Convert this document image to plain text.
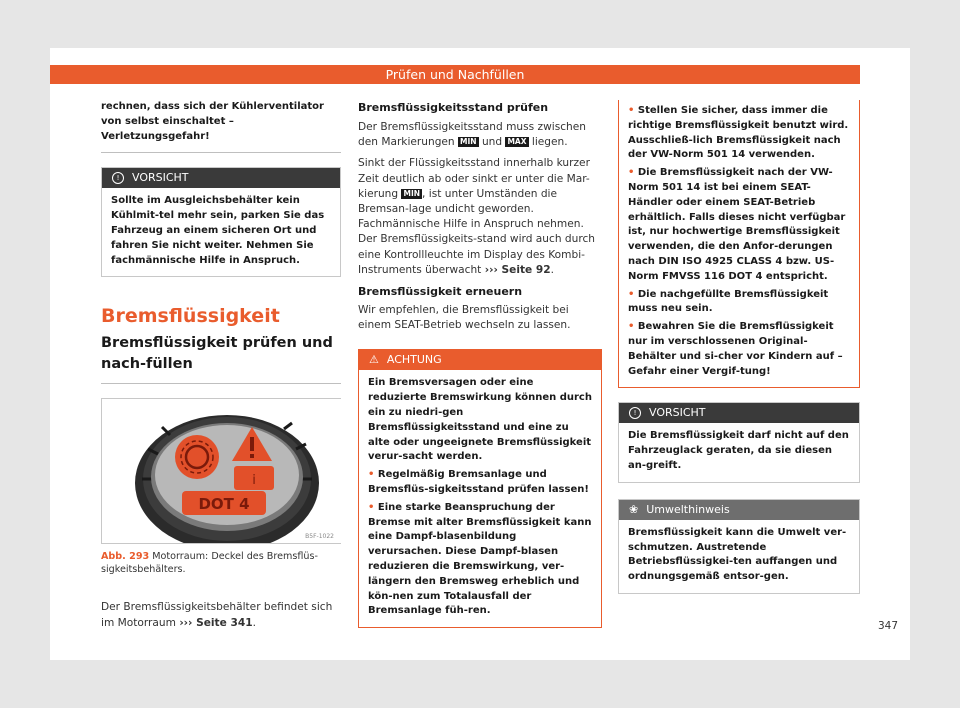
Prüfen und Nachfüllen

rechnen, dass sich der Kühlerventilator von selbst einschaltet – Verletzungsgefahr!

!	VORSICHT
Sollte im Ausgleichsbehälter kein Kühlmit-tel mehr sein, parken Sie das Fahrzeug an einem sicheren Ort und fahren Sie nicht weiter. Nehmen Sie fachmännische Hilfe in Anspruch.

Bremsflüssigkeit

Bremsflüssigkeit prüfen und nach-füllen

i
DOT 4
B5F-1022

Abb. 293 Motorraum: Deckel des Bremsflüs-sigkeitsbehälters.

Der Bremsflüssigkeitsbehälter befindet sich im Motorraum ››› Seite 341.

Bremsflüssigkeitsstand prüfen

Der Bremsflüssigkeitsstand muss zwischen den Markierungen MIN und MAX liegen.

Sinkt der Flüssigkeitsstand innerhalb kurzer Zeit deutlich ab oder sinkt er unter die Mar-kierung MIN , ist unter Umständen die Bremsan-lage undicht geworden. Fachmännische Hilfe in Anspruch nehmen. Der Bremsflüssigkeits-stand wird auch durch eine Kontrollleuchte im Display des Kombi-Instruments überwacht ››› Seite 92.

Bremsflüssigkeit erneuern

Wir empfehlen, die Bremsflüssigkeit bei einem SEAT-Betrieb wechseln zu lassen.

⚠ ACHTUNG

Ein Bremsversagen oder eine reduzierte Bremswirkung können durch ein zu niedri-gen Bremsflüssigkeitsstand und eine zu alte oder ungeeignete Bremsflüssigkeit verur-sacht werden.

• Regelmäßig Bremsanlage und Bremsflüs-sigkeitsstand prüfen lassen!

• Eine starke Beanspruchung der Bremse mit alter Bremsflüssigkeit kann eine Dampf-blasenbildung verursachen. Diese Dampf-blasen reduzieren die Bremswirkung, ver-längern den Bremsweg erheblich und kön-nen zum Totalausfall der Bremsanlage füh-ren.

• Stellen Sie sicher, dass immer die richtige Bremsflüssigkeit benutzt wird. Ausschließ-lich Bremsflüssigkeit nach der VW-Norm 501 14 verwenden.

• Die Bremsflüssigkeit nach der VW-Norm 501 14 ist bei einem SEAT-Händler oder einem SEAT-Betrieb erhältlich. Falls dieses nicht verfügbar ist, nur hochwertige Bremsflüssigkeit verwenden, die den Anfor-derungen nach DIN ISO 4925 CLASS 4 bzw. US-Norm FMVSS 116 DOT 4 entspricht.

• Die nachgefüllte Bremsflüssigkeit muss neu sein.

• Bewahren Sie die Bremsflüssigkeit nur im verschlossenen Original-Behälter und si-cher vor Kindern auf – Gefahr einer Vergif-tung!

!	VORSICHT
Die Bremsflüssigkeit darf nicht auf den Fahrzeuglack geraten, da sie diesen an-greift.
❀ Umwelthinweis
Bremsflüssigkeit kann die Umwelt ver-schmutzen. Austretende Betriebsflüssigkei-ten auffangen und ordnungsgemäß entsor-gen.
347
